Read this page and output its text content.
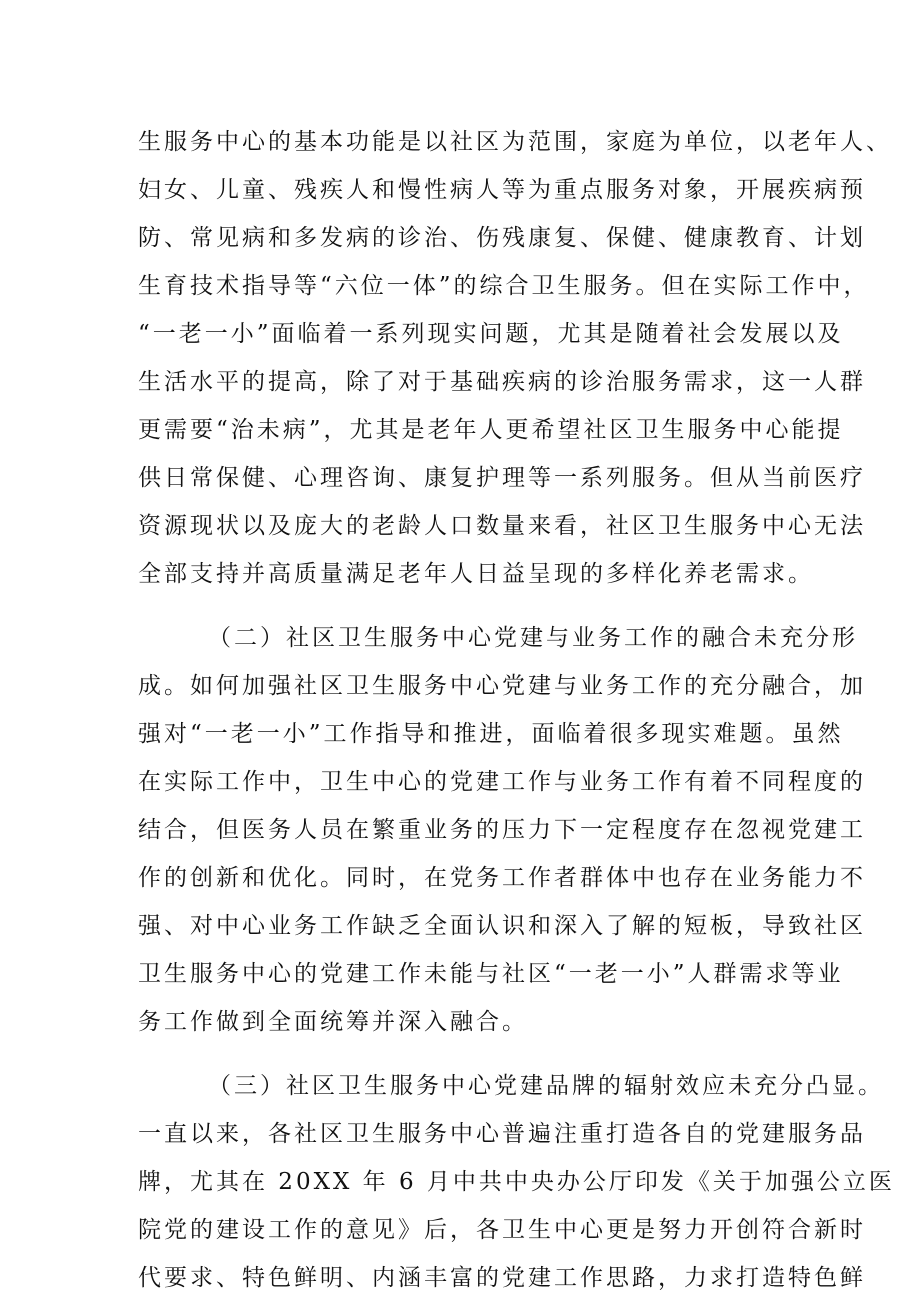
生服务中心的基本功能是以社区为范围，家庭为单位，以老年人、
妇女、儿童、残疾人和慢性病人等为重点服务对象，开展疾病预
防、常见病和多发病的诊治、伤残康复、保健、健康教育、计划
生育技术指导等“六位一体”的综合卫生服务。但在实际工作中，
“一老一小”面临着一系列现实问题，尤其是随着社会发展以及
生活水平的提高，除了对于基础疾病的诊治服务需求，这一人群
更需要“治未病”，尤其是老年人更希望社区卫生服务中心能提
供日常保健、心理咨询、康复护理等一系列服务。但从当前医疗
资源现状以及庞大的老龄人口数量来看，社区卫生服务中心无法
全部支持并高质量满足老年人日益呈现的多样化养老需求。
（二）社区卫生服务中心党建与业务工作的融合未充分形
成。如何加强社区卫生服务中心党建与业务工作的充分融合，加
强对“一老一小”工作指导和推进，面临着很多现实难题。虽然
在实际工作中，卫生中心的党建工作与业务工作有着不同程度的
结合，但医务人员在繁重业务的压力下一定程度存在忽视党建工
作的创新和优化。同时，在党务工作者群体中也存在业务能力不
强、对中心业务工作缺乏全面认识和深入了解的短板，导致社区
卫生服务中心的党建工作未能与社区“一老一小”人群需求等业
务工作做到全面统筹并深入融合。
（三）社区卫生服务中心党建品牌的辐射效应未充分凸显。
一直以来，各社区卫生服务中心普遍注重打造各自的党建服务品
牌，尤其在 20XX 年 6 月中共中央办公厅印发《关于加强公立医
院党的建设工作的意见》后，各卫生中心更是努力开创符合新时
代要求、特色鲜明、内涵丰富的党建工作思路，力求打造特色鲜
